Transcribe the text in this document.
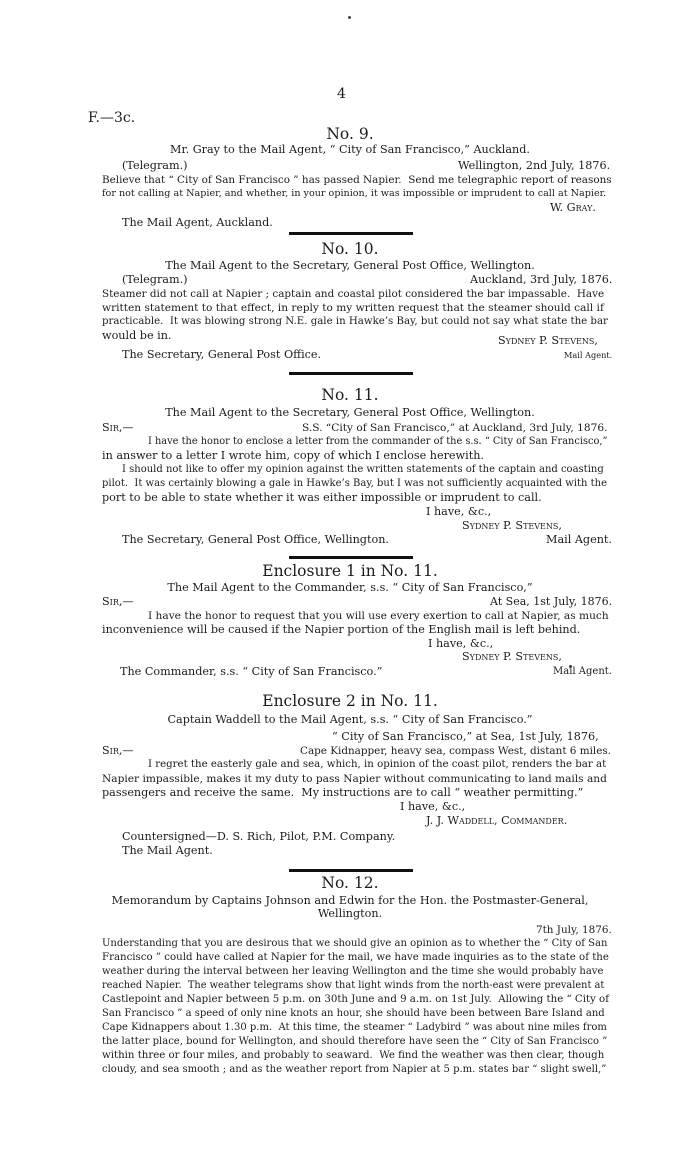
F.—3c.
4
No. 9.
Mr. Gray to the Mail Agent, “ City of San Francisco,” Auckland.
(Telegram.)	Wellington, 2nd July, 1876.
Believe that “ City of San Francisco ” has passed Napier.  Send me telegraphic report of reasons
for not calling at Napier, and whether, in your opinion, it was impossible or imprudent to call at Napier.
W. Gray.
The Mail Agent, Auckland.
No. 10.
The Mail Agent to the Secretary, General Post Office, Wellington.
(Telegram.)	Auckland, 3rd July, 1876.
Steamer did not call at Napier ; captain and coastal pilot considered the bar impassable.  Have
written statement to that effect, in reply to my written request that the steamer should call if
practicable.  It was blowing strong N.E. gale in Hawke’s Bay, but could not say what state the bar
would be in.	Sydney P. Stevens,
The Secretary, General Post Office.	Mail Agent.
No. 11.
The Mail Agent to the Secretary, General Post Office, Wellington.
Sir,—	S.S. “City of San Francisco,” at Auckland, 3rd July, 1876.
I have the honor to enclose a letter from the commander of the s.s. “ City of San Francisco,”
in answer to a letter I wrote him, copy of which I enclose herewith.
I should not like to offer my opinion against the written statements of the captain and coasting
pilot.  It was certainly blowing a gale in Hawke’s Bay, but I was not sufficiently acquainted with the
port to be able to state whether it was either impossible or imprudent to call.
I have, &c.,
Sydney P. Stevens,
The Secretary, General Post Office, Wellington.	Mail Agent.
Enclosure 1 in No. 11.
The Mail Agent to the Commander, s.s. “ City of San Francisco,”
Sir,—	At Sea, 1st July, 1876.
I have the honor to request that you will use every exertion to call at Napier, as much
inconvenience will be caused if the Napier portion of the English mail is left behind.
I have, &c.,
Sydney P. Stevens,
The Commander, s.s. “ City of San Francisco.”	Mail Agent.
Enclosure 2 in No. 11.
Captain Waddell to the Mail Agent, s.s. “ City of San Francisco.”
“ City of San Francisco,” at Sea, 1st July, 1876,
Sir,—	Cape Kidnapper, heavy sea, compass West, distant 6 miles.
I regret the easterly gale and sea, which, in opinion of the coast pilot, renders the bar at
Napier impassible, makes it my duty to pass Napier without communicating to land mails and
passengers and receive the same.  My instructions are to call “ weather permitting.”
I have, &c.,
J. J. Waddell, Commander.
Countersigned—D. S. Rich, Pilot, P.M. Company.
The Mail Agent.
No. 12.
Memorandum by Captains Johnson and Edwin for the Hon. the Postmaster-General,
Wellington.
7th July, 1876.
Understanding that you are desirous that we should give an opinion as to whether the “ City of San
Francisco ” could have called at Napier for the mail, we have made inquiries as to the state of the
weather during the interval between her leaving Wellington and the time she would probably have
reached Napier.  The weather telegrams show that light winds from the north-east were prevalent at
Castlepoint and Napier between 5 p.m. on 30th June and 9 a.m. on 1st July.  Allowing the “ City of
San Francisco ” a speed of only nine knots an hour, she should have been between Bare Island and
Cape Kidnappers about 1.30 p.m.  At this time, the steamer “ Ladybird ” was about nine miles from
the latter place, bound for Wellington, and should therefore have seen the “ City of San Francisco ”
within three or four miles, and probably to seaward.  We find the weather was then clear, though
cloudy, and sea smooth ; and as the weather report from Napier at 5 p.m. states bar “ slight swell,”
